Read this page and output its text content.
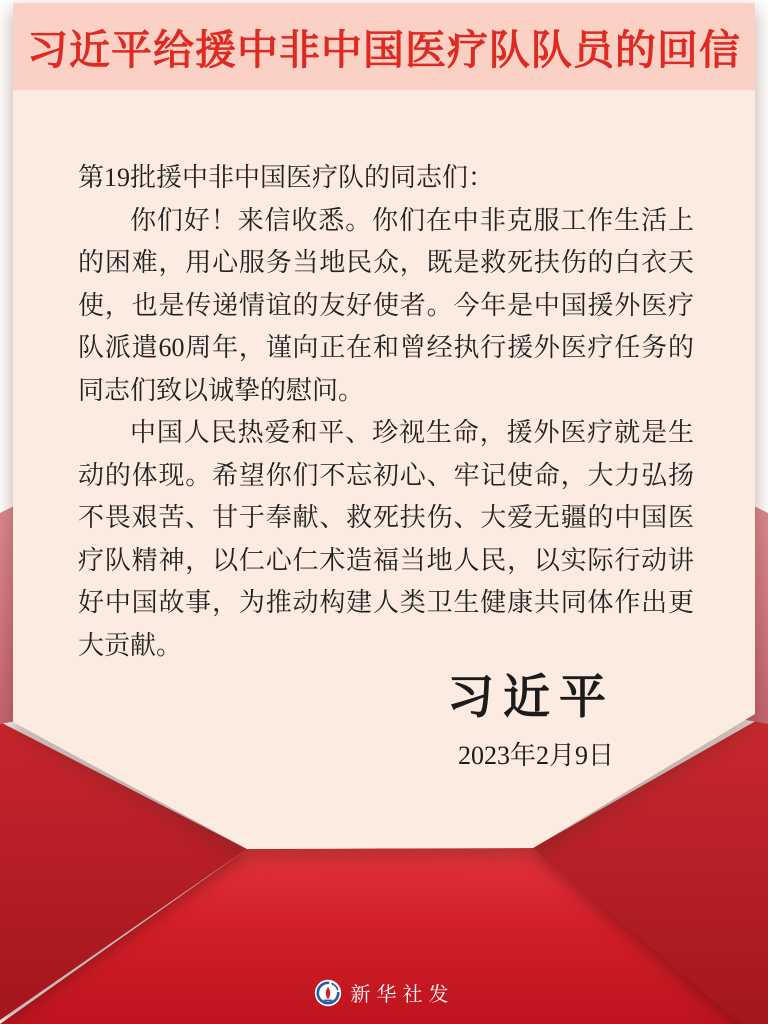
习近平给援中非中国医疗队队员的回信

第19批援中非中国医疗队的同志们：

你们好！来信收悉。你们在中非克服工作生活上的困难，用心服务当地民众，既是救死扶伤的白衣天使，也是传递情谊的友好使者。今年是中国援外医疗队派遣60周年，谨向正在和曾经执行援外医疗任务的同志们致以诚挚的慰问。

中国人民热爱和平、珍视生命，援外医疗就是生动的体现。希望你们不忘初心、牢记使命，大力弘扬不畏艰苦、甘于奉献、救死扶伤、大爱无疆的中国医疗队精神，以仁心仁术造福当地人民，以实际行动讲好中国故事，为推动构建人类卫生健康共同体作出更大贡献。

习近平
2023年2月9日
新华社发
